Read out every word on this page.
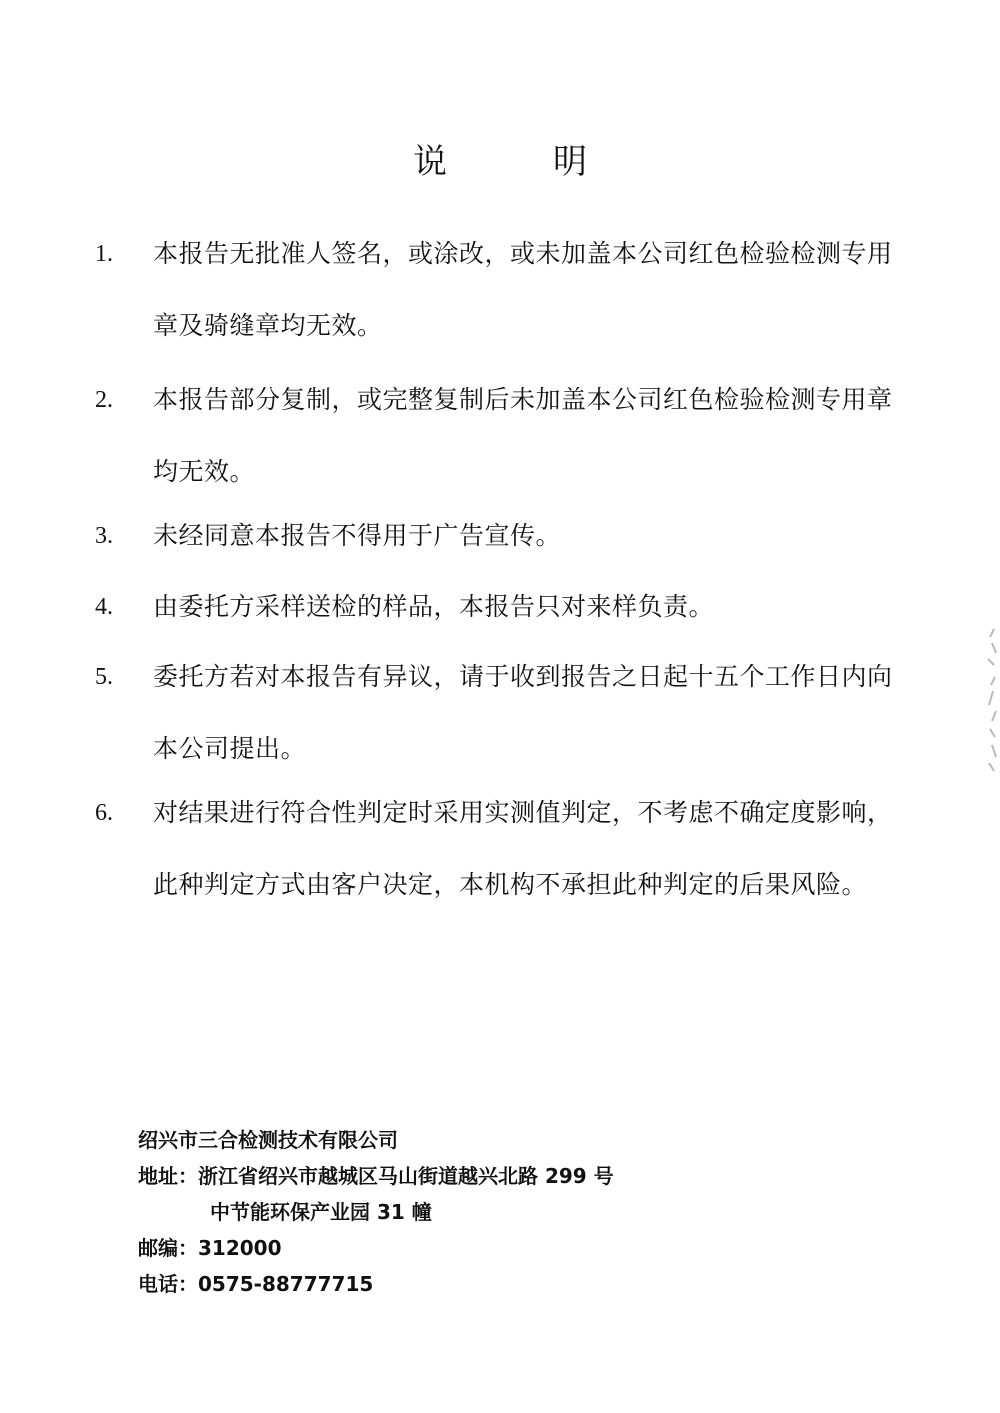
说　明
1. 本报告无批准人签名，或涂改，或未加盖本公司红色检验检测专用章及骑缝章均无效。
2. 本报告部分复制，或完整复制后未加盖本公司红色检验检测专用章均无效。
3. 未经同意本报告不得用于广告宣传。
4. 由委托方采样送检的样品，本报告只对来样负责。
5. 委托方若对本报告有异议，请于收到报告之日起十五个工作日内向本公司提出。
6. 对结果进行符合性判定时采用实测值判定，不考虑不确定度影响，此种判定方式由客户决定，本机构不承担此种判定的后果风险。
绍兴市三合检测技术有限公司
地址：浙江省绍兴市越城区马山街道越兴北路 299 号
中节能环保产业园 31 幢
邮编：312000
电话：0575-88777715
